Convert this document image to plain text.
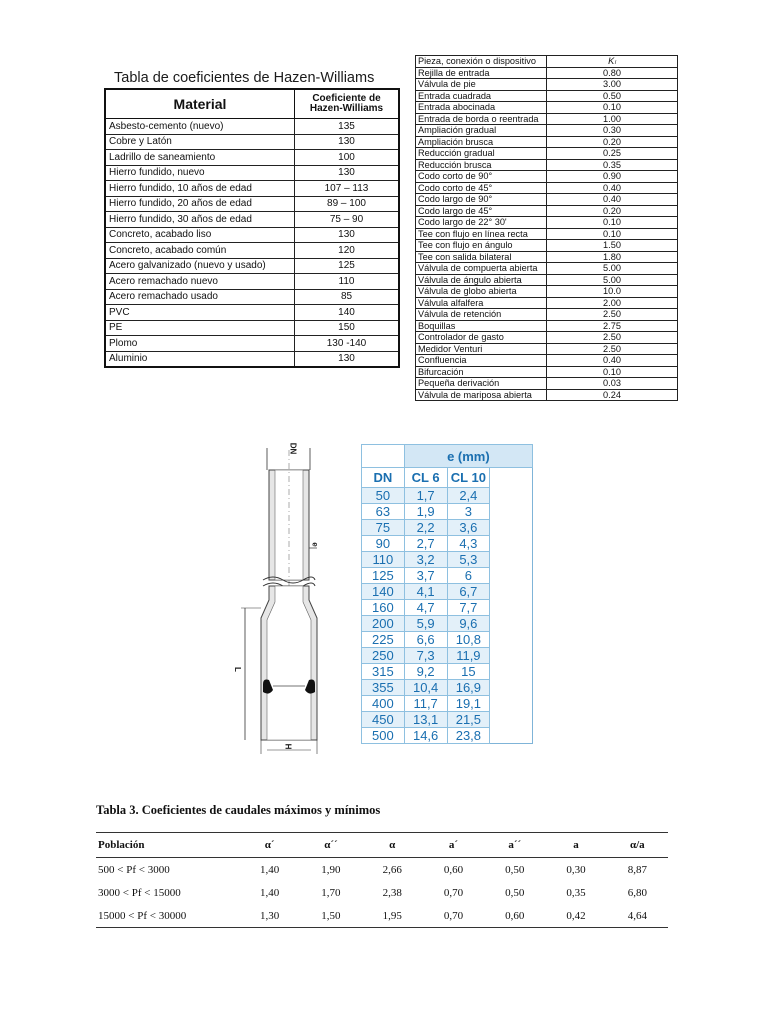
Tabla de coeficientes de Hazen-Williams
Material	Coeficiente de
Hazen-Williams
Asbesto-cemento (nuevo)	135
Cobre y Latón	130
Ladrillo de saneamiento	100
Hierro fundido, nuevo	130
Hierro fundido, 10 años de edad	107 – 113
Hierro fundido, 20 años de edad	89 – 100
Hierro fundido, 30 años de edad	75 – 90
Concreto, acabado liso	130
Concreto, acabado común	120
Acero galvanizado (nuevo y usado)	125
Acero remachado nuevo	110
Acero remachado usado	85
PVC	140
PE	150
Plomo	130 -140
Aluminio	130
Pieza, conexión o dispositivo	Kₗ
Rejilla de entrada	0.80
Válvula de pie	3.00
Entrada cuadrada	0.50
Entrada abocinada	0.10
Entrada de borda o reentrada	1.00
Ampliación gradual	0.30
Ampliación brusca	0.20
Reducción gradual	0.25
Reducción brusca	0.35
Codo corto de 90°	0.90
Codo corto de 45°	0.40
Codo largo de 90°	0.40
Codo largo de 45°	0.20
Codo largo de 22° 30'	0.10
Tee con flujo en línea recta	0.10
Tee con flujo en ángulo	1.50
Tee con salida bilateral	1.80
Válvula de compuerta abierta	5.00
Válvula de ángulo abierta	5.00
Válvula de globo abierta	10.0
Válvula alfalfera	2.00
Válvula de retención	2.50
Boquillas	2.75
Controlador de gasto	2.50
Medidor Venturi	2.50
Confluencia	0.40
Bifurcación	0.10
Pequeña derivación	0.03
Válvula de mariposa abierta	0.24
DN
e
L
H
	e (mm)	
DN	CL 6	CL 10
50	1,7	2,4
63	1,9	3
75	2,2	3,6
90	2,7	4,3
110	3,2	5,3
125	3,7	6
140	4,1	6,7
160	4,7	7,7
200	5,9	9,6
225	6,6	10,8
250	7,3	11,9
315	9,2	15
355	10,4	16,9
400	11,7	19,1
450	13,1	21,5
500	14,6	23,8
Tabla 3. Coeficientes de caudales máximos y mínimos
Población	α´	α´´	α	a´	a´´	a	α/a
500 < Pf < 3000	1,40	1,90	2,66	0,60	0,50	0,30	8,87
3000 < Pf < 15000	1,40	1,70	2,38	0,70	0,50	0,35	6,80
15000 < Pf < 30000	1,30	1,50	1,95	0,70	0,60	0,42	4,64
